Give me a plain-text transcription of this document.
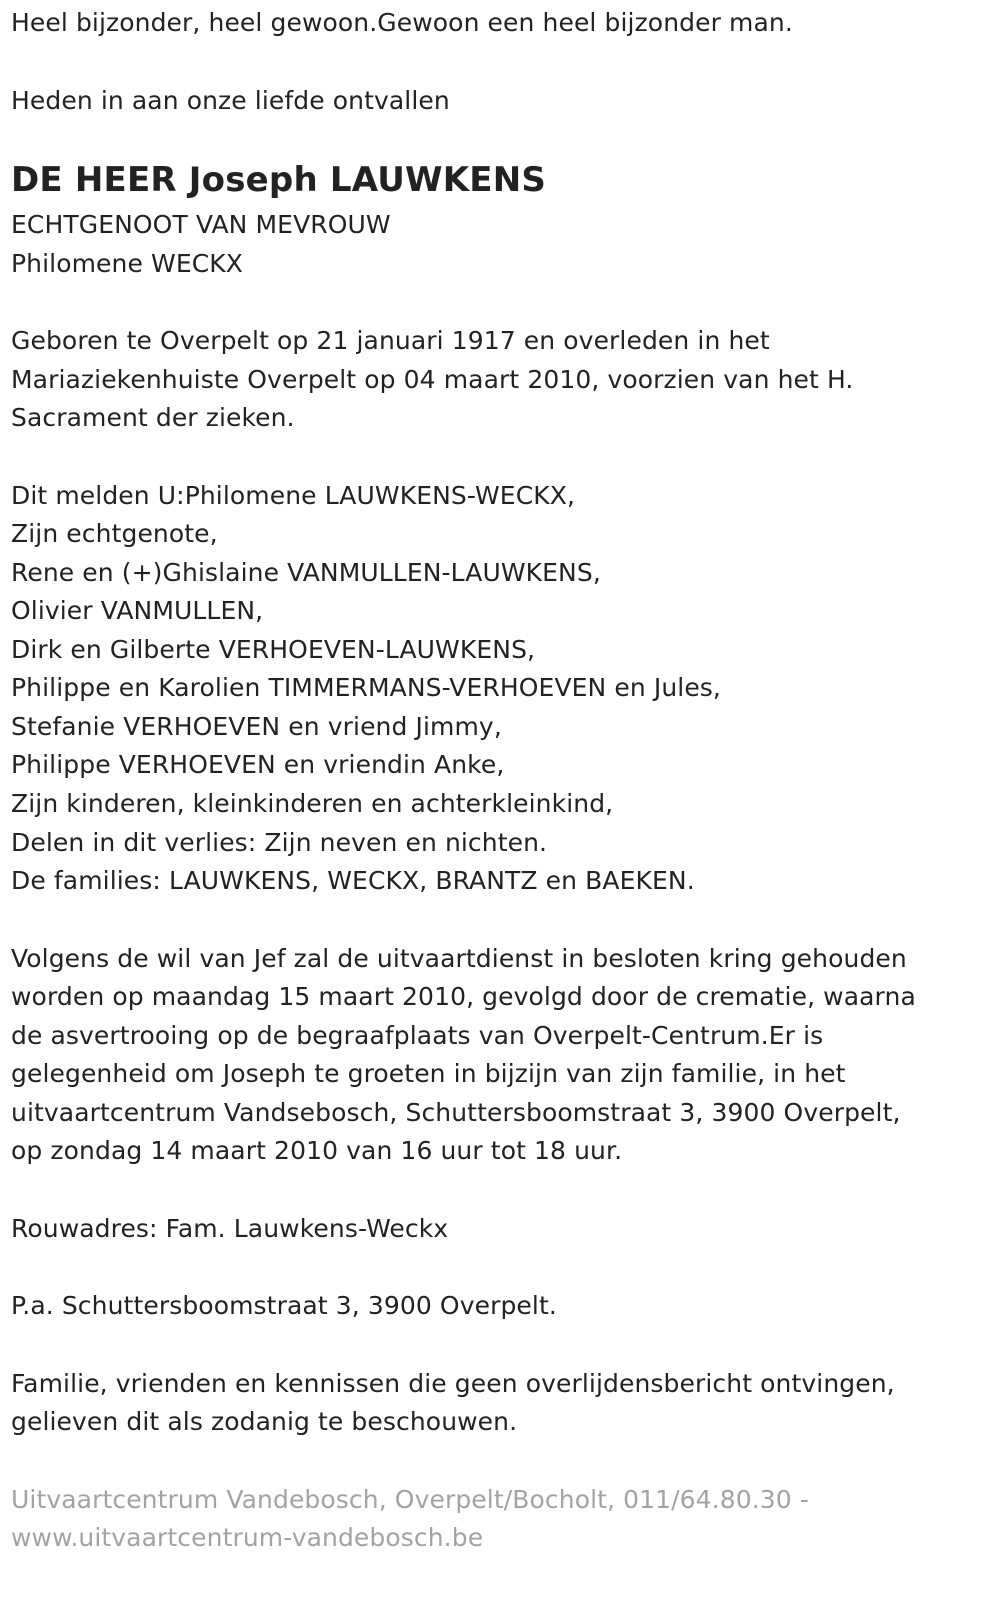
Heel bijzonder, heel gewoon.Gewoon een heel bijzonder man.
Heden in aan onze liefde ontvallen
DE HEER Joseph LAUWKENS
ECHTGENOOT VAN MEVROUW
Philomene WECKX
Geboren te Overpelt op 21 januari 1917 en overleden in het
Mariaziekenhuiste Overpelt op 04 maart 2010, voorzien van het H.
Sacrament der zieken.
Dit melden U:Philomene LAUWKENS-WECKX,
Zijn echtgenote,
Rene en (+)Ghislaine VANMULLEN-LAUWKENS,
Olivier VANMULLEN,
Dirk en Gilberte VERHOEVEN-LAUWKENS,
Philippe en Karolien TIMMERMANS-VERHOEVEN en Jules,
Stefanie VERHOEVEN en vriend Jimmy,
Philippe VERHOEVEN en vriendin Anke,
Zijn kinderen, kleinkinderen en achterkleinkind,
Delen in dit verlies: Zijn neven en nichten.
De families: LAUWKENS, WECKX, BRANTZ en BAEKEN.
Volgens de wil van Jef zal de uitvaartdienst in besloten kring gehouden
worden op maandag 15 maart 2010, gevolgd door de crematie, waarna
de asvertrooing op de begraafplaats van Overpelt-Centrum.Er is
gelegenheid om Joseph te groeten in bijzijn van zijn familie, in het
uitvaartcentrum Vandsebosch, Schuttersboomstraat 3, 3900 Overpelt,
op zondag 14 maart 2010 van 16 uur tot 18 uur.
Rouwadres: Fam. Lauwkens-Weckx
P.a. Schuttersboomstraat 3, 3900 Overpelt.
Familie, vrienden en kennissen die geen overlijdensbericht ontvingen,
gelieven dit als zodanig te beschouwen.
Uitvaartcentrum Vandebosch, Overpelt/Bocholt, 011/64.80.30 -
www.uitvaartcentrum-vandebosch.be
